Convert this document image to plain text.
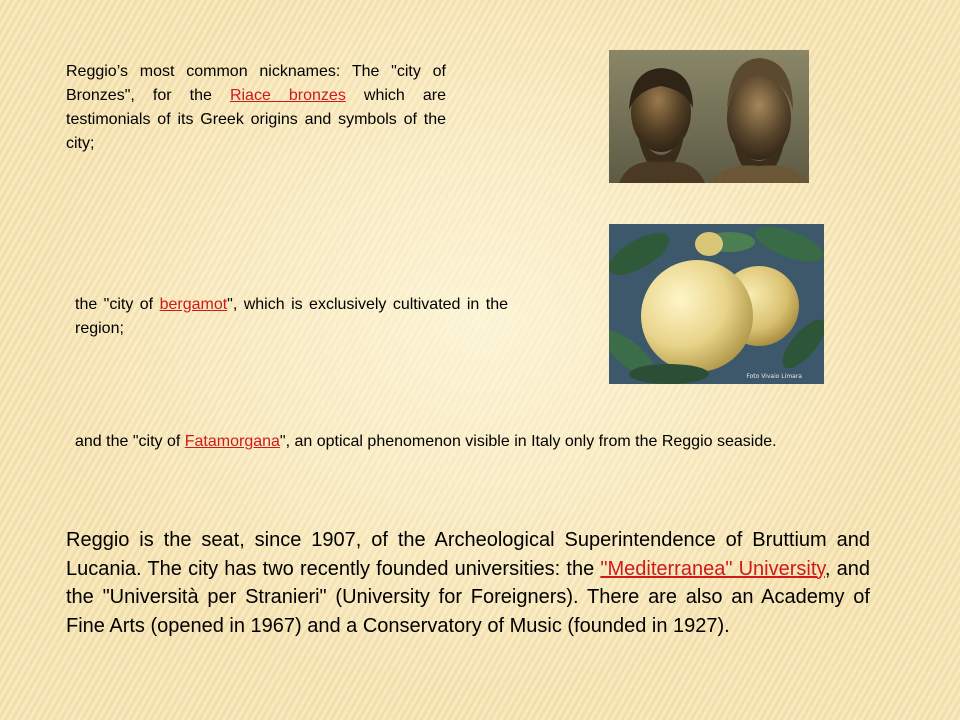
Reggio’s most common nicknames: The "city of Bronzes", for the Riace bronzes which are testimonials of its Greek origins and symbols of the city;

the "city of bergamot", which is exclusively cultivated in the region;

Foto Vivaio Limara

and the "city of Fatamorgana", an optical phenomenon visible in Italy only from the Reggio seaside.

Reggio is the seat, since 1907, of the Archeological Superintendence of Bruttium and Lucania. The city has two recently founded universities: the "Mediterranea" University, and the "Università per Stranieri" (University for Foreigners). There are also an Academy of Fine Arts (opened in 1967) and a Conservatory of Music (founded in 1927).
